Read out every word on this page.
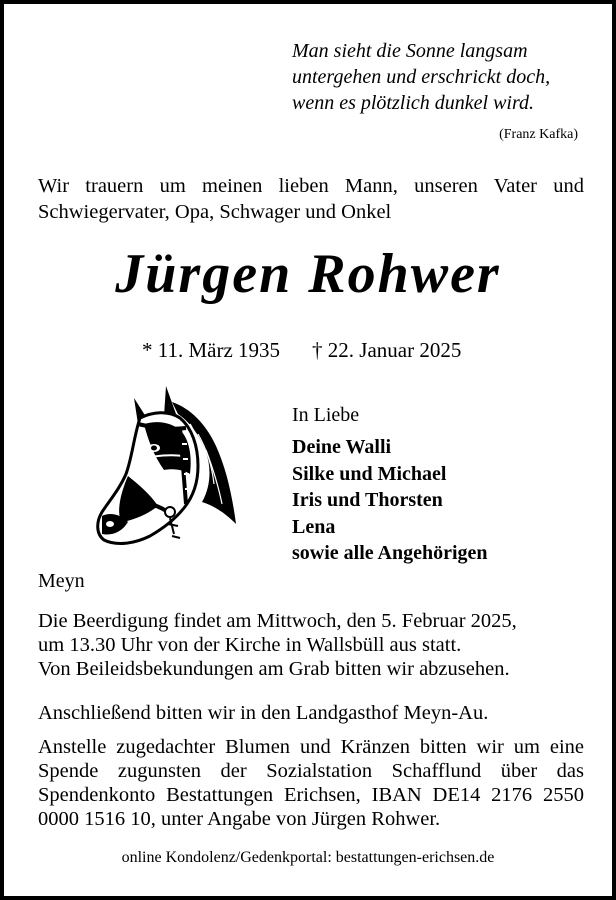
Man sieht die Sonne langsam
untergehen und erschrickt doch,
wenn es plötzlich dunkel wird.
(Franz Kafka)
Wir trauern um meinen lieben Mann, unseren Vater und Schwiegervater, Opa, Schwager und Onkel
Jürgen Rohwer
* 11. März 1935 † 22. Januar 2025
In Liebe
Deine Walli
Silke und Michael
Iris und Thorsten
Lena
sowie alle Angehörigen
Meyn
Die Beerdigung findet am Mittwoch, den 5. Februar 2025,
um 13.30 Uhr von der Kirche in Wallsbüll aus statt.
Von Beileidsbekundungen am Grab bitten wir abzusehen.
Anschließend bitten wir in den Landgasthof Meyn-Au.
Anstelle zugedachter Blumen und Kränzen bitten wir um eine Spende zugunsten der Sozialstation Schafflund über das Spendenkonto Bestattungen Erichsen, IBAN DE14 2176 2550 0000 1516 10, unter Angabe von Jürgen Rohwer.
online Kondolenz/Gedenkportal: bestattungen-erichsen.de
